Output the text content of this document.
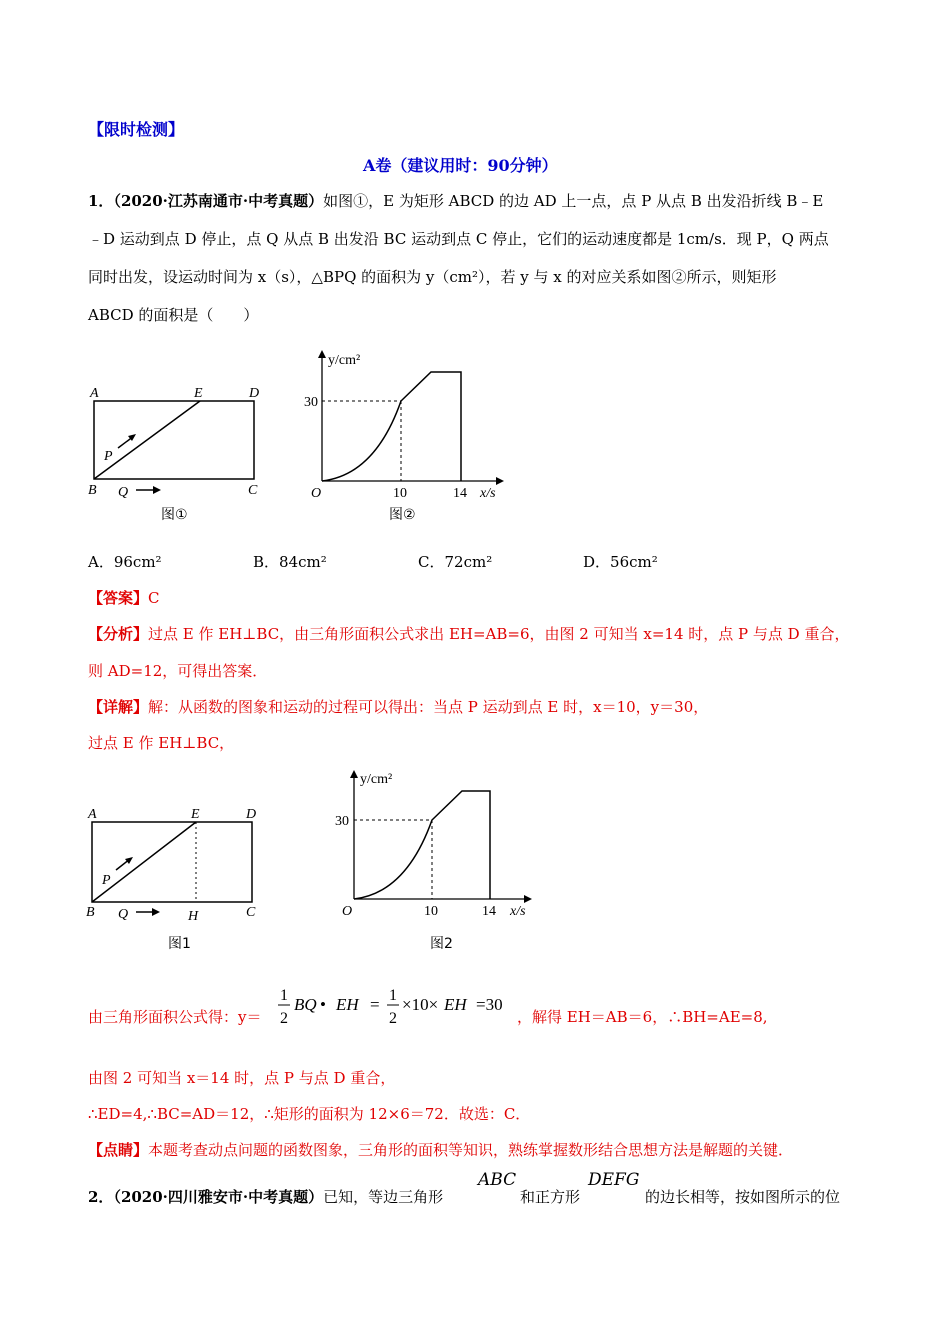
【限时检测】
A卷（建议用时：90分钟）
1．（2020·江苏南通市·中考真题）如图①，E 为矩形 ABCD 的边 AD 上一点，点 P 从点 B 出发沿折线 B﹣E
﹣D 运动到点 D 停止，点 Q 从点 B 出发沿 BC 运动到点 C 停止，它们的运动速度都是 1cm/s．现 P，Q 两点
同时出发，设运动时间为 x（s），△BPQ 的面积为 y（cm²），若 y 与 x 的对应关系如图②所示，则矩形
ABCD 的面积是（　　）
A	E	D
B	C
P
Q
图①
y/cm²
30
O	10	14 x/s
图②
A．96cm²	B．84cm²	C．72cm²	D．56cm²
【答案】C
【分析】过点 E 作 EH⊥BC，由三角形面积公式求出 EH=AB=6，由图 2 可知当 x=14 时，点 P 与点 D 重合，
则 AD=12，可得出答案．
【详解】解：从函数的图象和运动的过程可以得出：当点 P 运动到点 E 时，x＝10，y＝30，
过点 E 作 EH⊥BC，
A	E	D
B	C
H
P
Q
图1
y/cm²
30
O	10	14 x/s
图2
由三角形面积公式得：y＝
1
2
BQ • EH = 1
2
×10× EH =30
，解得 EH＝AB＝6，∴BH=AE=8,
由图 2 可知当 x＝14 时，点 P 与点 D 重合，
∴ED=4,∴BC=AD＝12，∴矩形的面积为 12×6＝72．故选：C．
【点睛】本题考查动点问题的函数图象，三角形的面积等知识，熟练掌握数形结合思想方法是解题的关键．
2．（2020·四川雅安市·中考真题）已知，等边三角形
ABC
和正方形
DEFG
的边长相等，按如图所示的位
